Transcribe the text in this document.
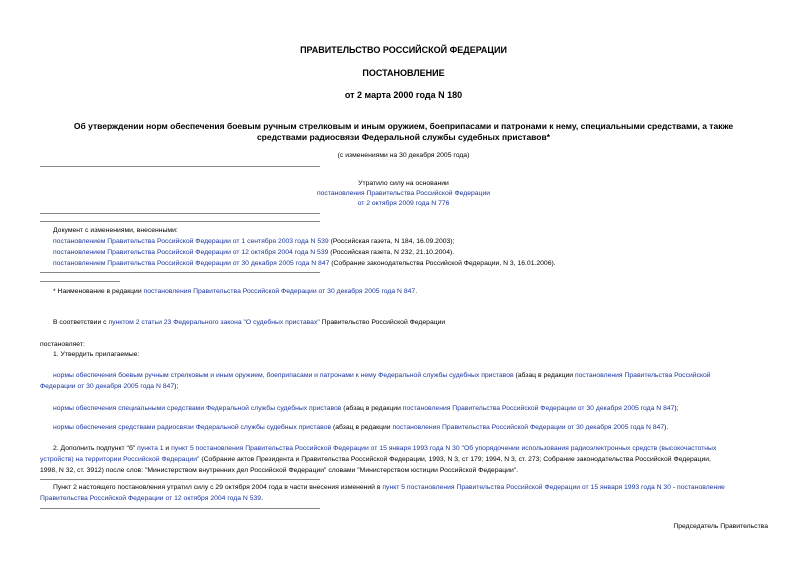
ПРАВИТЕЛЬСТВО РОССИЙСКОЙ ФЕДЕРАЦИИ
ПОСТАНОВЛЕНИЕ
от 2 марта 2000 года N 180
Об утверждении норм обеспечения боевым ручным стрелковым и иным оружием, боеприпасами и патронами к нему, специальными средствами, а также
средствами радиосвязи Федеральной службы судебных приставов*
(с изменениями на 30 декабря 2005 года)
Утратило силу на основании
постановления Правительства Российской Федерации
от 2 октября 2009 года N 776
Документ с изменениями, внесенными:
постановлением Правительства Российской Федерации от 1 сентября 2003 года N 539 (Российская газета, N 184, 16.09.2003);
постановлением Правительства Российской Федерации от 12 октября 2004 года N 539 (Российская газета, N 232, 21.10.2004).
постановлением Правительства Российской Федерации от 30 декабря 2005 года N 847 (Собрание законодательства Российской Федерации, N 3, 16.01.2006).
* Наименование в редакции постановления Правительства Российской Федерации от 30 декабря 2005 года N 847.
В соответствии с пунктом 2 статьи 23 Федерального закона "О судебных приставах" Правительство Российской Федерации
постановляет:
1. Утвердить прилагаемые:
нормы обеспечения боевым ручным стрелковым и иным оружием, боеприпасами и патронами к нему Федеральной службы судебных приставов (абзац в редакции постановления Правительства Российской
Федерации от 30 декабря 2005 года N 847);
нормы обеспечения специальными средствами Федеральной службы судебных приставов (абзац в редакции постановления Правительства Российской Федерации от 30 декабря 2005 года N 847);
нормы обеспечения средствами радиосвязи Федеральной службы судебных приставов (абзац в редакции постановления Правительства Российской Федерации от 30 декабря 2005 года N 847).
2. Дополнить подпункт "б" пункта 1 и пункт 5 постановления Правительства Российской Федерации от 15 января 1993 года N 30 "Об упорядочении использования радиоэлектронных средств (высокочастотных
устройств) на территории Российской Федерации" (Собрание актов Президента и Правительства Российской Федерации, 1993, N 3, ст 179; 1994, N 3, ст. 273; Собрание законодательства Российской Федерации,
1998, N 32, ст. 3912) после слов: "Министерством внутренних дел Российской Федерации" словами "Министерством юстиции Российской Федерации".
Пункт 2 настоящего постановления утратил силу с 29 октября 2004 года в части внесения изменений в пункт 5 постановления Правительства Российской Федерации от 15 января 1993 года N 30 - постановление
Правительства Российской Федерации от 12 октября 2004 года N 539.
Председатель Правительства
